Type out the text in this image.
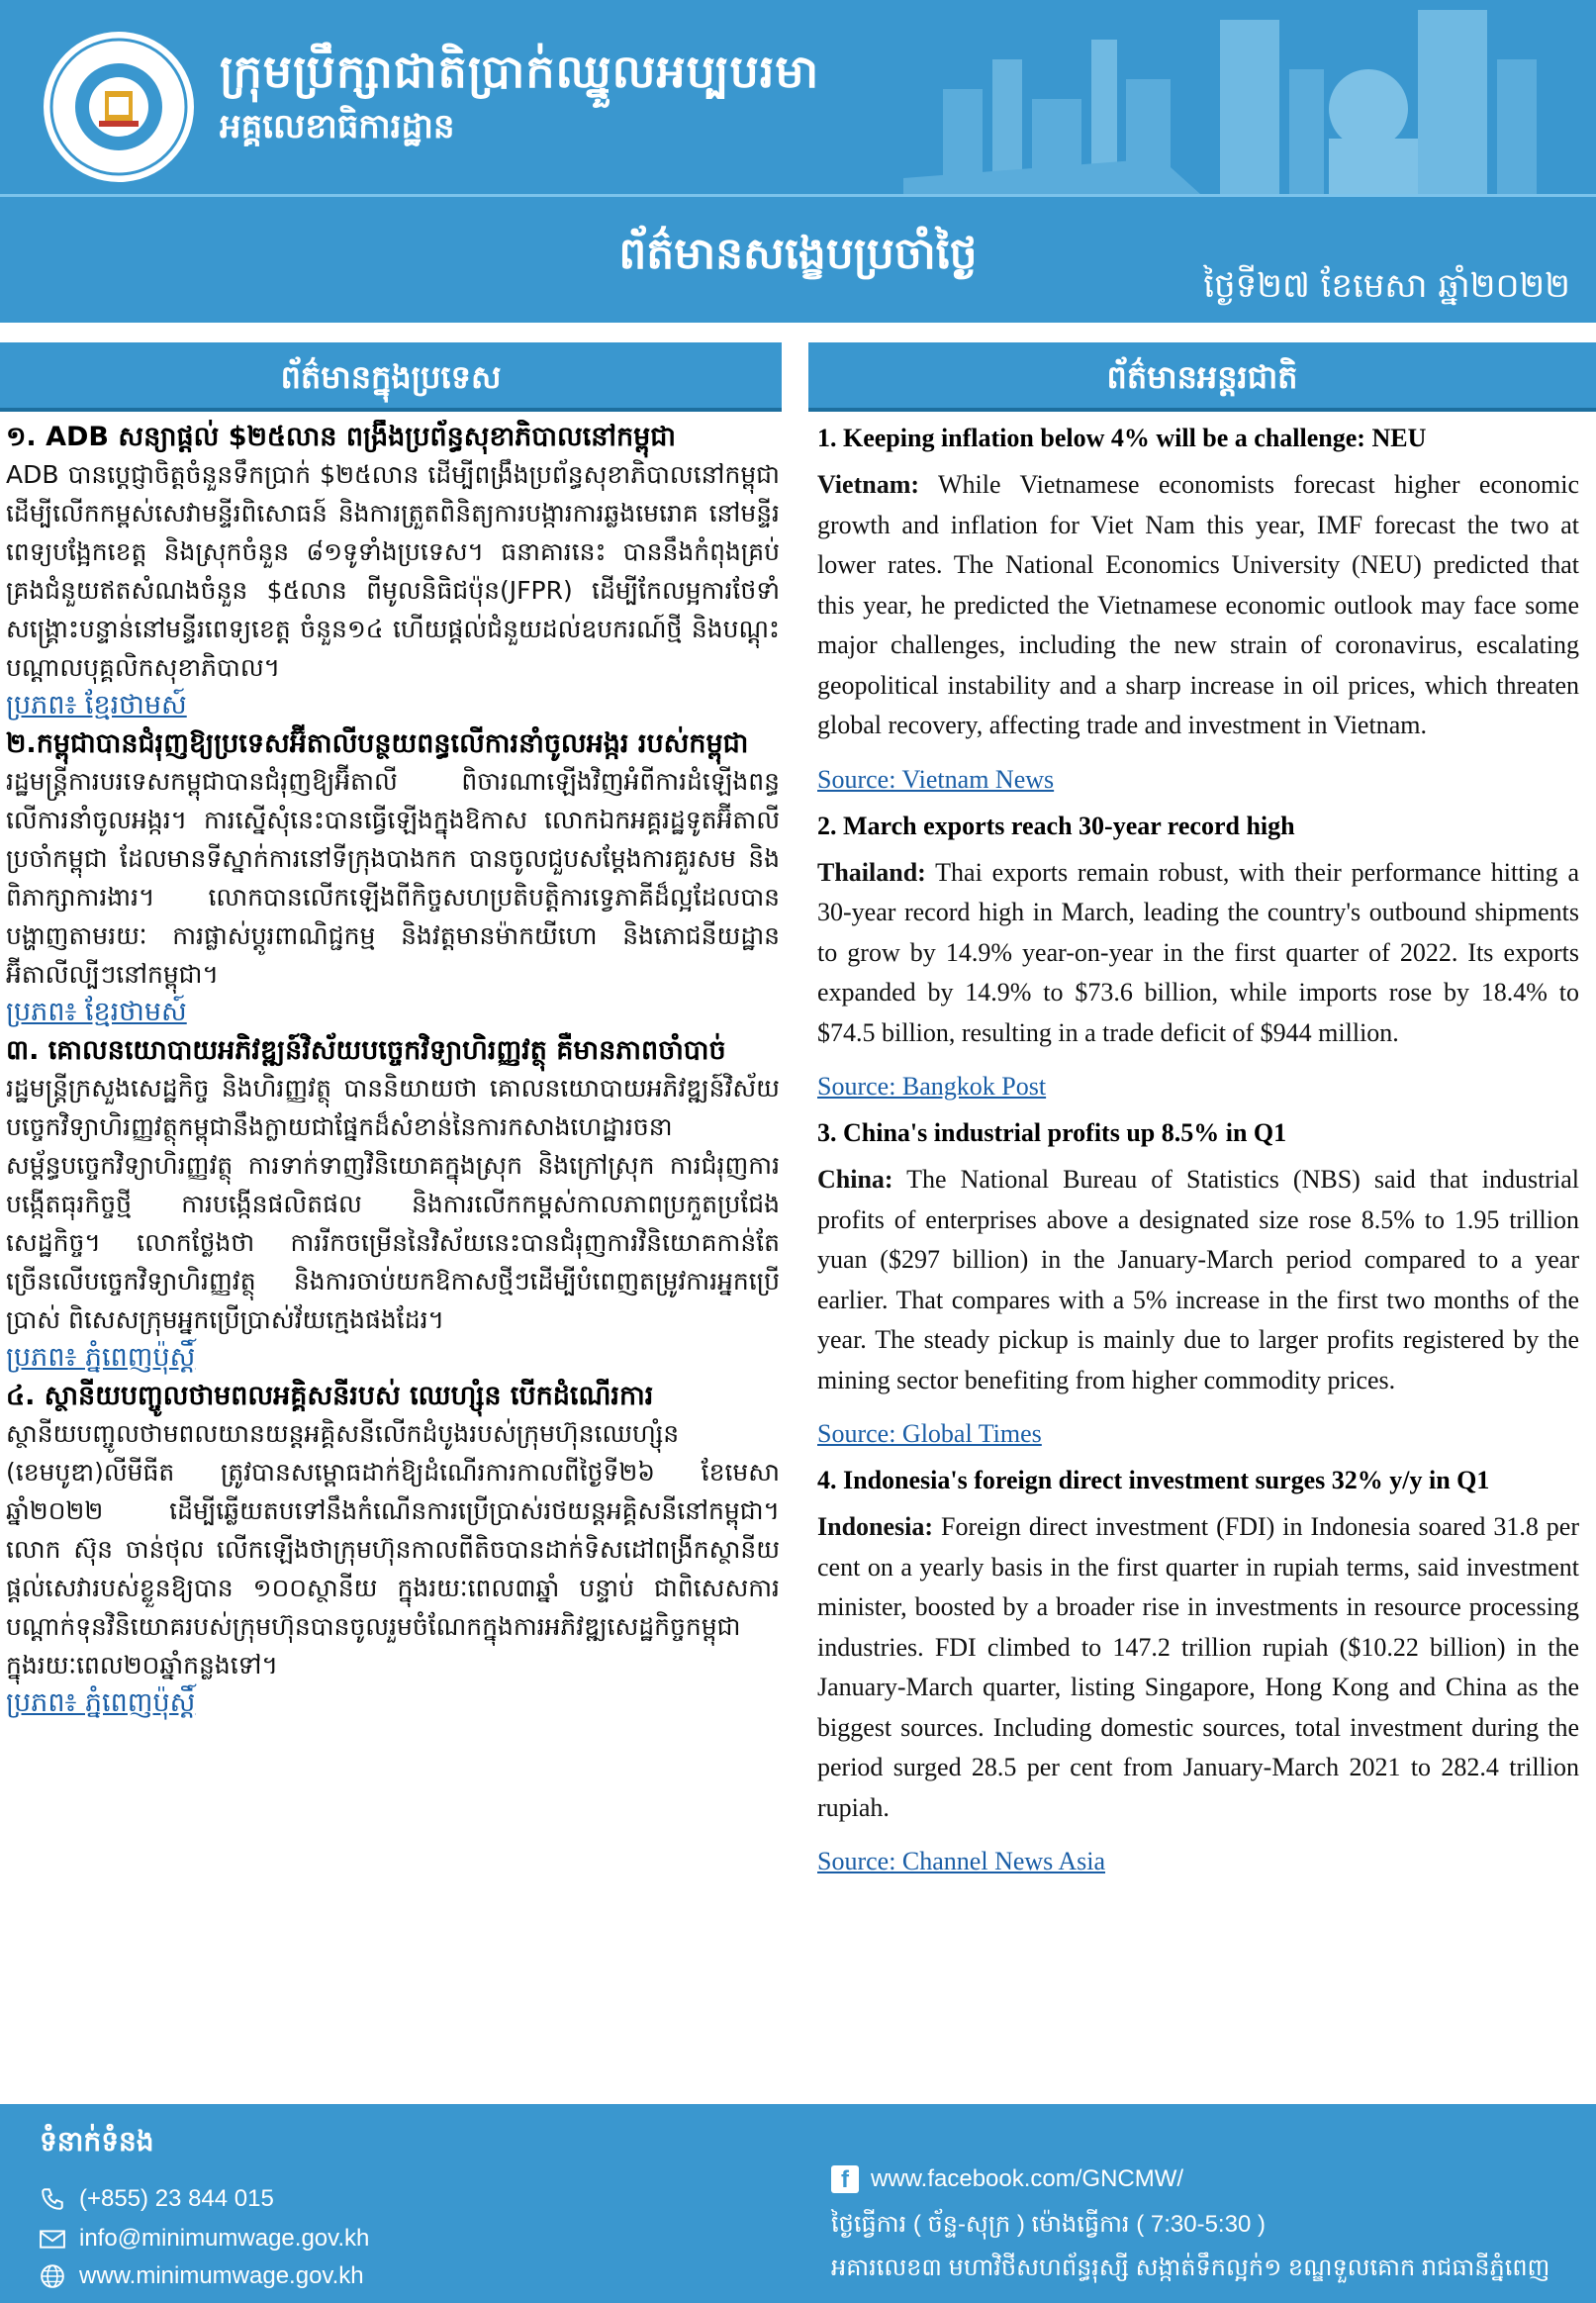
ក្រុមប្រឹក្សាជាតិប្រាក់ឈ្នួលអប្បបរមា
អគ្គលេខាធិការដ្ឋាន
ព័ត៌មានសង្ខេបប្រចាំថ្ងៃ
ថ្ងៃទី២៧ ខែមេសា ឆ្នាំ២០២២
ព័ត៌មានក្នុងប្រទេស	ព័ត៌មានអន្តរជាតិ
១. ADB សន្យាផ្តល់ $២៥លាន ពង្រឹងប្រព័ន្ធសុខាភិបាលនៅកម្ពុជា
ADB បានប្តេជ្ញាចិត្តចំនួនទឹកប្រាក់ $២៥លាន ដើម្បីពង្រឹងប្រព័ន្ធសុខាភិបាលនៅកម្ពុជា ដើម្បីលើកកម្ពស់សេវាមន្ទីរពិសោធន៍ និងការត្រួតពិនិត្យការបង្ការការឆ្លងមេរោគ នៅមន្ទីរពេទ្យបង្អែកខេត្ត និងស្រុកចំនួន ៨១ទូទាំងប្រទេស។ ធនាគារនេះ បាននឹងកំពុងគ្រប់គ្រងជំនួយឥតសំណងចំនួន $៥លាន ពីមូលនិធិជប៉ុន(JFPR) ដើម្បីកែលម្អការថែទាំសង្គ្រោះបន្ទាន់នៅមន្ទីរពេទ្យខេត្ត ចំនួន១៤ ហើយផ្តល់ជំនួយដល់ឧបករណ៍ថ្មី និងបណ្តុះបណ្តាលបុគ្គលិកសុខាភិបាល។
ប្រភព៖ ខ្មែរថាមស៍
២.កម្ពុជាបានជំរុញឱ្យប្រទេសអ៊ីតាលីបន្ថយពន្ធលើការនាំចូលអង្ករ របស់កម្ពុជា
រដ្ឋមន្ត្រីការបរទេសកម្ពុជាបានជំរុញឱ្យអ៊ីតាលី ពិចារណាឡើងវិញអំពីការដំឡើងពន្ធលើការនាំចូលអង្ករ។ ការស្នើសុំនេះបានធ្វើឡើងក្នុងឱកាស លោកឯកអគ្គរដ្ឋទូតអ៊ីតាលីប្រចាំកម្ពុជា ដែលមានទីស្នាក់ការនៅទីក្រុងបាងកក បានចូលជួបសម្តែងការគួរសម និងពិភាក្សាការងារ។ លោកបានលើកឡើងពីកិច្ចសហប្រតិបត្តិការទ្វេភាគីដ៏ល្អដែលបានបង្ហាញតាមរយៈ ការផ្លាស់ប្តូរពាណិជ្ជកម្ម និងវត្តមានម៉ាកយីហោ និងភោជនីយដ្ឋានអ៊ីតាលីល្បីៗនៅកម្ពុជា។
ប្រភព៖ ខ្មែរថាមស៍
៣. គោលនយោបាយអភិវឌ្ឍន៍វិស័យបច្ចេកវិទ្យាហិរញ្ញវត្ថុ គឺមានភាពចាំបាច់
រដ្ឋមន្ត្រីក្រសួងសេដ្ឋកិច្ច និងហិរញ្ញវត្ថុ បាននិយាយថា គោលនយោបាយអភិវឌ្ឍន៍វិស័យបច្ចេកវិទ្យាហិរញ្ញវត្ថុកម្ពុជានឹងក្លាយជាផ្នែកដ៏សំខាន់នៃការកសាងហេដ្ឋារចនាសម្ព័ន្ធបច្ចេកវិទ្យាហិរញ្ញវត្ថុ ការទាក់ទាញវិនិយោគក្នុងស្រុក និងក្រៅស្រុក ការជំរុញការបង្កើតធុរកិច្ចថ្មី ការបង្កើនផលិតផល និងការលើកកម្ពស់កាលភាពប្រកួតប្រជែងសេដ្ឋកិច្ច។ លោកថ្លែងថា ការរីកចម្រើននៃវិស័យនេះបានជំរុញការវិនិយោគកាន់តែច្រើនលើបច្ចេកវិទ្យាហិរញ្ញវត្ថុ និងការចាប់យកឱកាសថ្មីៗដើម្បីបំពេញតម្រូវការអ្នកប្រើប្រាស់ ពិសេសក្រុមអ្នកប្រើប្រាស់វ័យក្មេងផងដែរ។
ប្រភព៖ ភ្នំពេញប៉ុស្តិ៍
៤. ស្ថានីយបញ្ចូលថាមពលអគ្គិសនីរបស់ ឈេហ្សុំន បើកដំណើរការ
ស្ថានីយបញ្ចូលថាមពលយានយន្តអគ្គិសនីលើកដំបូងរបស់ក្រុមហ៊ុនឈេហ្សុំន (ខេមបូឌា)លីមីធីត ត្រូវបានសម្ពោធដាក់ឱ្យដំណើរការកាលពីថ្ងៃទី២៦ ខែមេសា ឆ្នាំ២០២២ ដើម្បីឆ្លើយតបទៅនឹងកំណើនការប្រើប្រាស់រថយន្តអគ្គិសនីនៅកម្ពុជា។ លោក ស៊ុន ចាន់ថុល លើកឡើងថាក្រុមហ៊ុនកាលពីតិចបានដាក់ទិសដៅពង្រីកស្ថានីយផ្តល់សេវារបស់ខ្លួនឱ្យបាន ១០០ស្ថានីយ ក្នុងរយៈពេល៣ឆ្នាំ បន្ទាប់ ជាពិសេសការបណ្តាក់ទុនវិនិយោគរបស់ក្រុមហ៊ុនបានចូលរួមចំណែកក្នុងការអភិវឌ្ឍសេដ្ឋកិច្ចកម្ពុជា ក្នុងរយៈពេល២០ឆ្នាំកន្លងទៅ។
ប្រភព៖ ភ្នំពេញប៉ុស្តិ៍
1. Keeping inflation below 4% will be a challenge: NEU
Vietnam: While Vietnamese economists forecast higher economic growth and inflation for Viet Nam this year, IMF forecast the two at lower rates. The National Economics University (NEU) predicted that this year, he predicted the Vietnamese economic outlook may face some major challenges, including the new strain of coronavirus, escalating geopolitical instability and a sharp increase in oil prices, which threaten global recovery, affecting trade and investment in Vietnam.
Source: Vietnam News
2. March exports reach 30-year record high
Thailand: Thai exports remain robust, with their performance hitting a 30-year record high in March, leading the country's outbound shipments to grow by 14.9% year-on-year in the first quarter of 2022. Its exports expanded by 14.9% to $73.6 billion, while imports rose by 18.4% to $74.5 billion, resulting in a trade deficit of $944 million.
Source: Bangkok Post
3. China's industrial profits up 8.5% in Q1
China: The National Bureau of Statistics (NBS) said that industrial profits of enterprises above a designated size rose 8.5% to 1.95 trillion yuan ($297 billion) in the January-March period compared to a year earlier. That compares with a 5% increase in the first two months of the year. The steady pickup is mainly due to larger profits registered by the mining sector benefiting from higher commodity prices.
Source: Global Times
4. Indonesia's foreign direct investment surges 32% y/y in Q1
Indonesia: Foreign direct investment (FDI) in Indonesia soared 31.8 per cent on a yearly basis in the first quarter in rupiah terms, said investment minister, boosted by a broader rise in investments in resource processing industries. FDI climbed to 147.2 trillion rupiah ($10.22 billion) in the January-March quarter, listing Singapore, Hong Kong and China as the biggest sources. Including domestic sources, total investment during the period surged 28.5 per cent from January-March 2021 to 282.4 trillion rupiah.
Source: Channel News Asia
ទំនាក់ទំនង
(+855) 23 844 015
info@minimumwage.gov.kh
www.minimumwage.gov.kh
f www.facebook.com/GNCMW/
ថ្ងៃធ្វើការ ( ច័ន្ទ-សុក្រ ) ម៉ោងធ្វើការ ( 7:30-5:30 )
អគារលេខ៣ មហាវិថីសហព័ន្ធរុស្សី សង្កាត់ទឹកល្អក់១ ខណ្ឌទួលគោក រាជធានីភ្នំពេញ
